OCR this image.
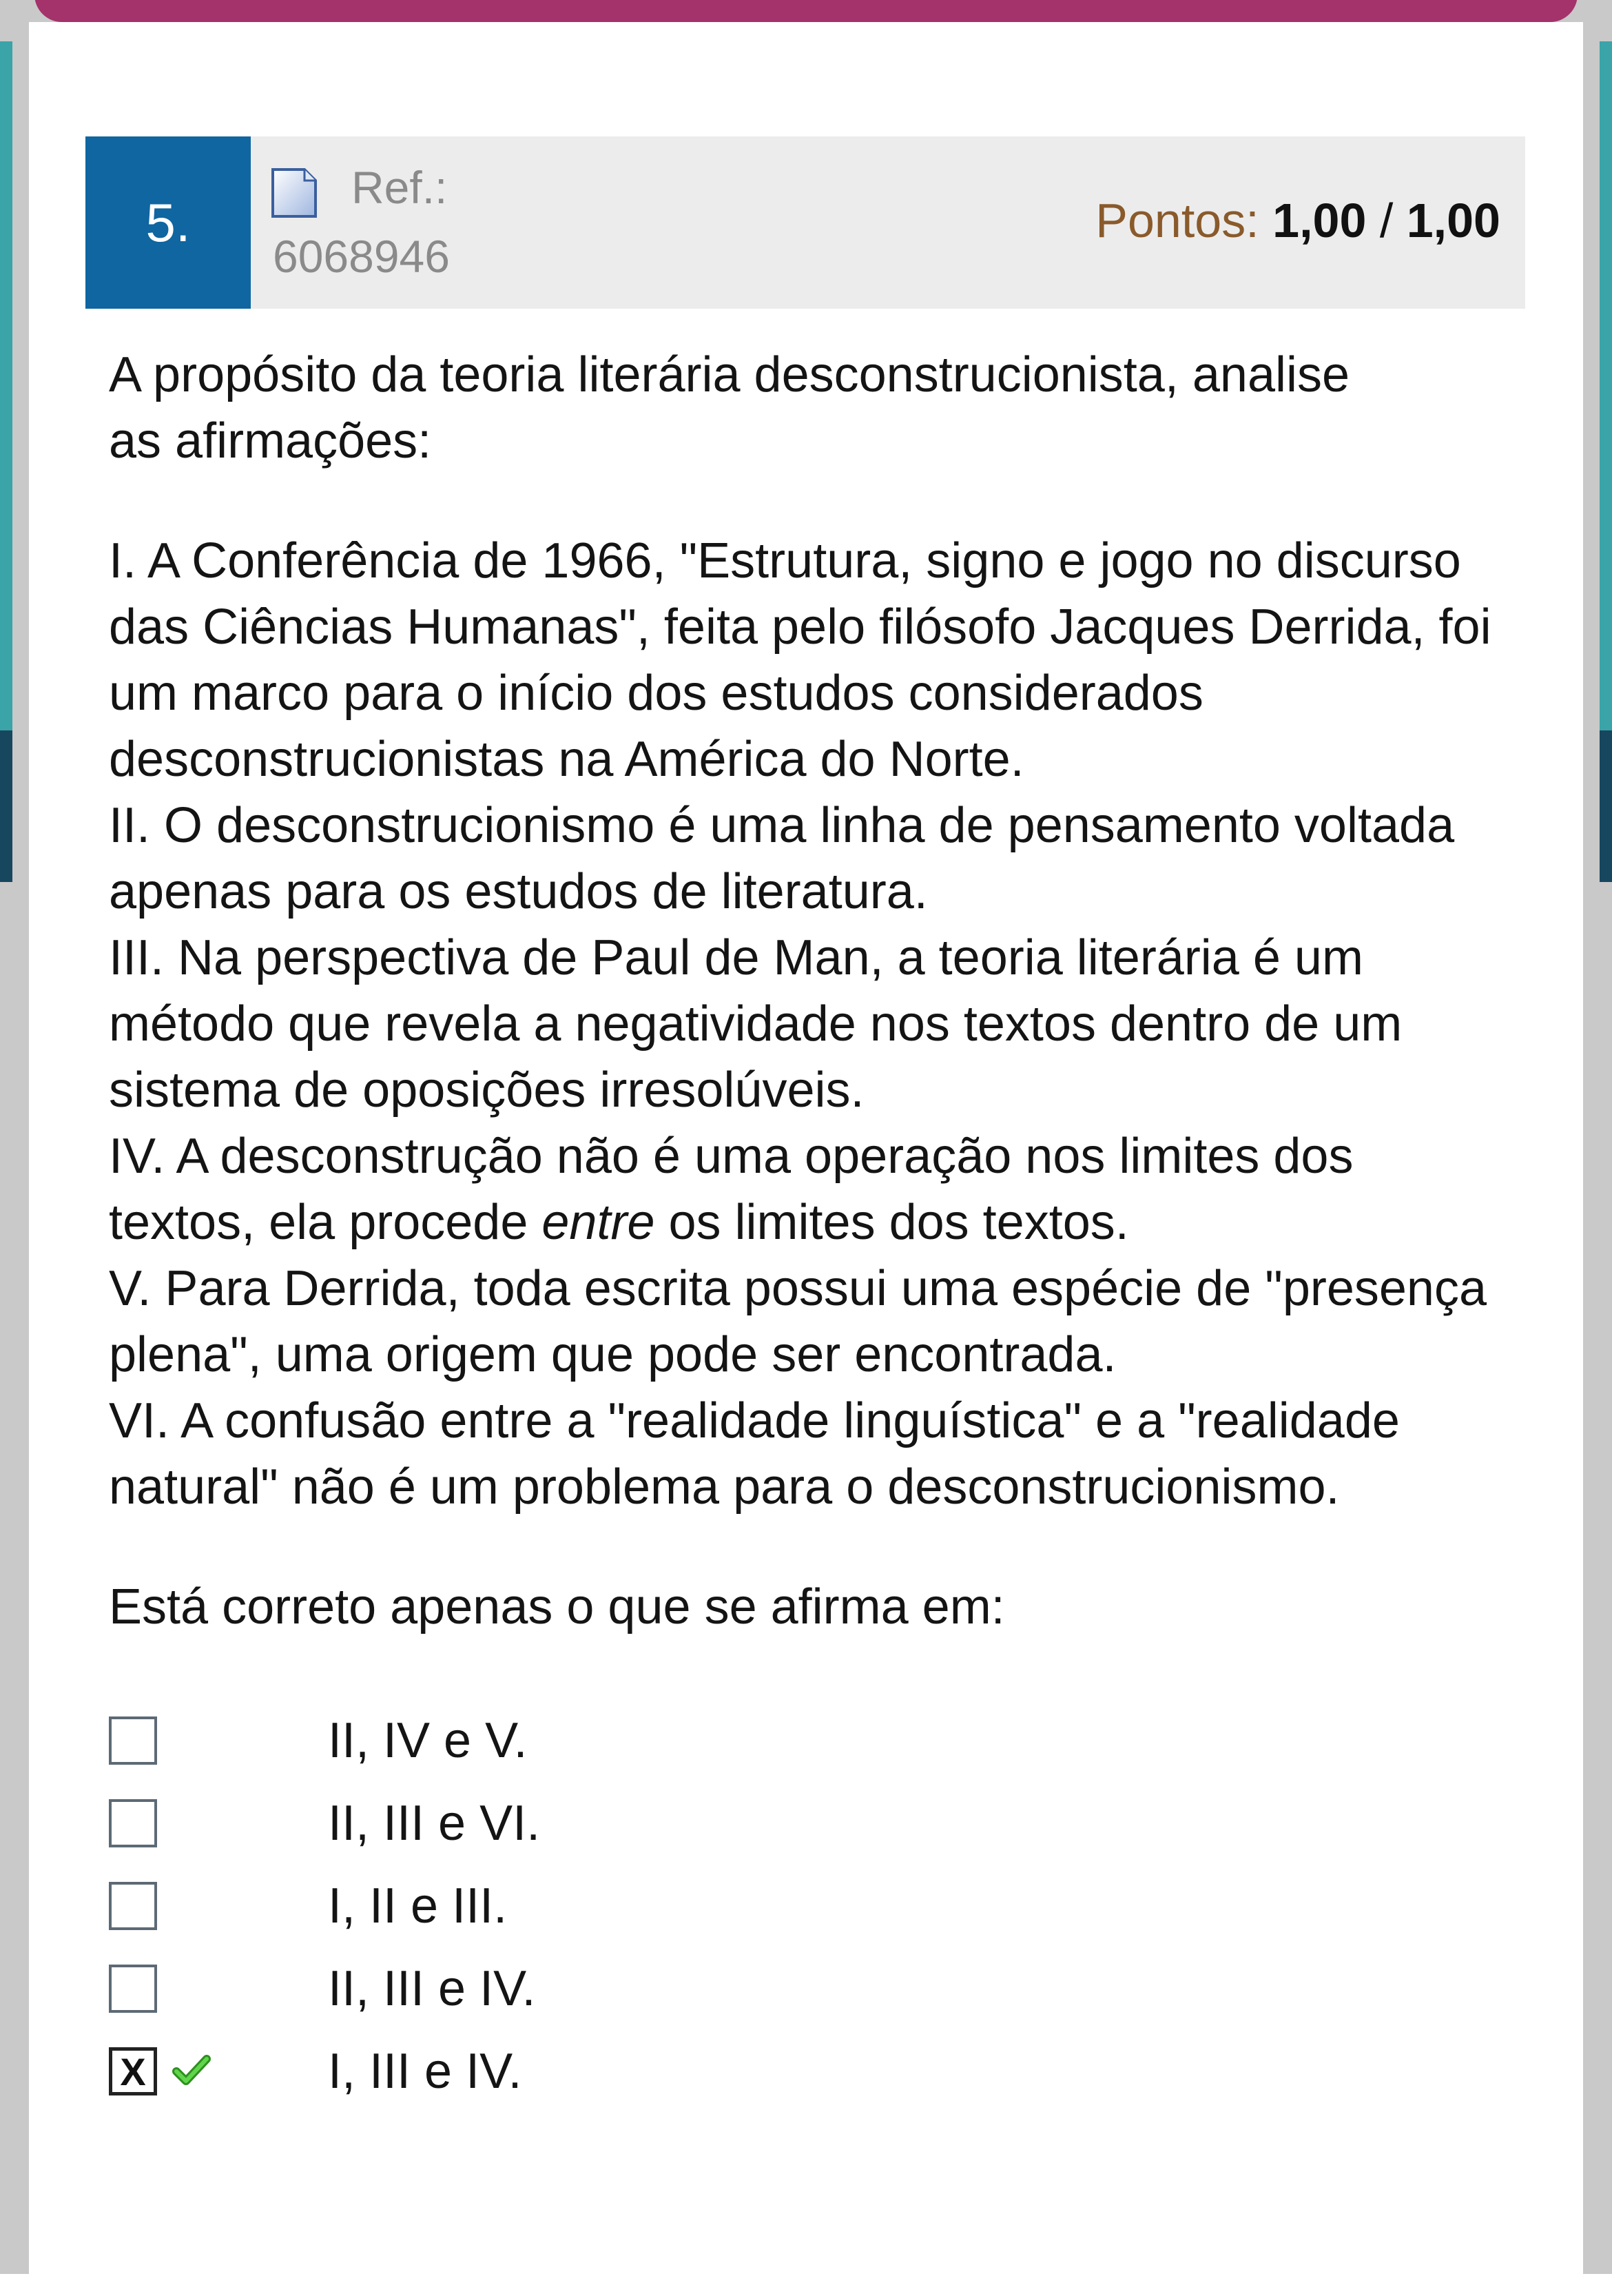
5.
Ref.:
6068946
Pontos: 1,00 / 1,00
A propósito da teoria literária desconstrucionista, analise
as afirmações:

I. A Conferência de 1966, "Estrutura, signo e jogo no discurso das Ciências Humanas", feita pelo filósofo Jacques Derrida, foi um marco para o início dos estudos considerados desconstrucionistas na América do Norte.

II. O desconstrucionismo é uma linha de pensamento voltada apenas para os estudos de literatura.

III. Na perspectiva de Paul de Man, a teoria literária é um método que revela a negatividade nos textos dentro de um sistema de oposições irresolúveis.

IV. A desconstrução não é uma operação nos limites dos textos, ela procede entre os limites dos textos.

V. Para Derrida, toda escrita possui uma espécie de "presença plena", uma origem que pode ser encontrada.

VI. A confusão entre a "realidade linguística" e a "realidade natural" não é um problema para o desconstrucionismo.

Está correto apenas o que se afirma em:
II, IV e V.
II, III e VI.
I, II e III.
II, III e IV.
X	I, III e IV.
